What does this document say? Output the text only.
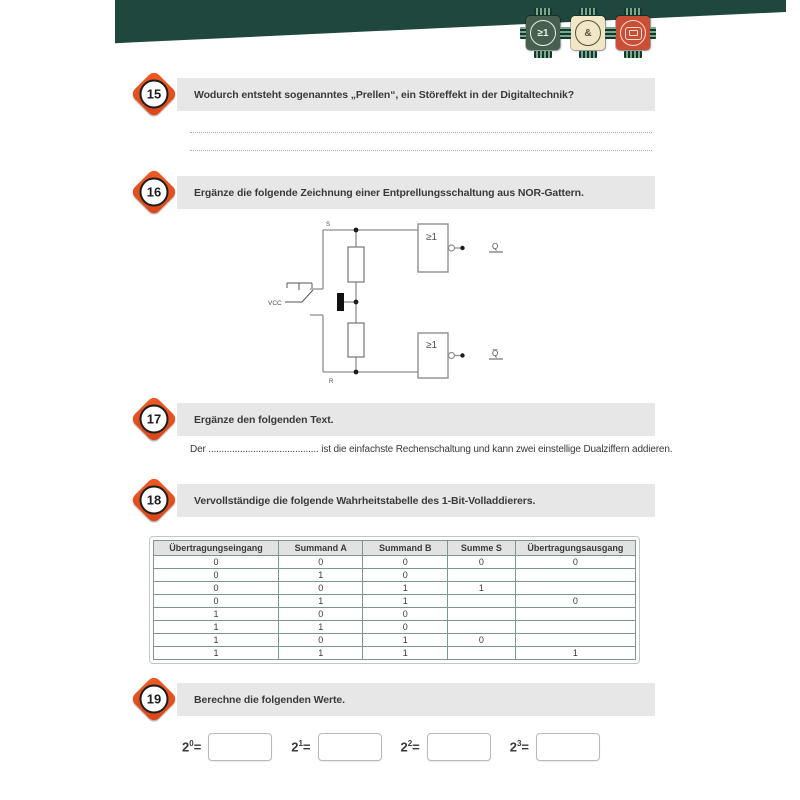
≥1	&
Wodurch entsteht sogenanntes „Prellen“, ein Störeffekt in der Digitaltechnik?
15
Ergänze die folgende Zeichnung einer Entprellungsschaltung aus NOR-Gattern.
16
≥1
≥1
VCC
S
R
Q
Q̅
Ergänze den folgenden Text.
17
Der .......................................... ist die einfachste Rechenschaltung und kann zwei einstellige Dualziffern addieren.
Vervollständige die folgende Wahrheitstabelle des 1-Bit-Volladdierers.
18
Übertragungseingang	Summand A	Summand B	Summe S	Übertragungsausgang
0	0	0	0	0
0	1	0		
0	0	1	1	
0	1	1		0
1	0	0		
1	1	0		
1	0	1	0	
1	1	1		1
Berechne die folgenden Werte.
19
$2^0=$	$2^1=$	$2^2=$	$2^3=$
